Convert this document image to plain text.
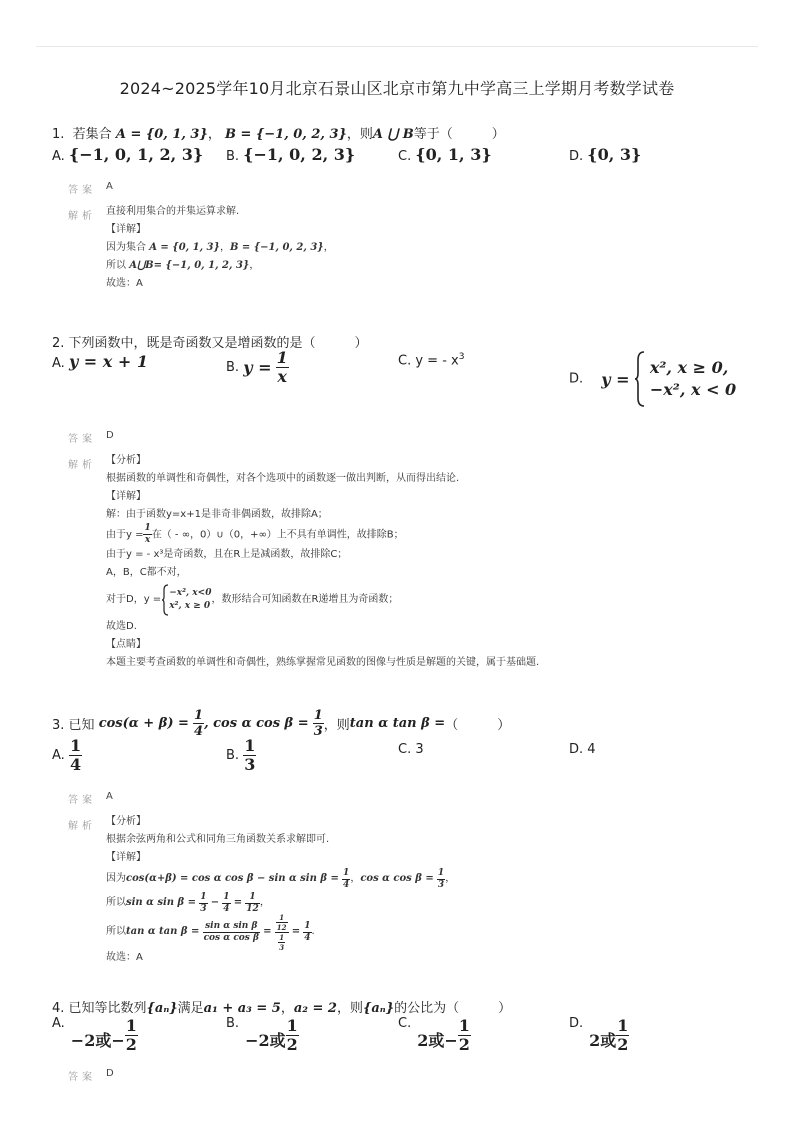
2024~2025学年10月北京石景山区北京市第九中学高三上学期月考数学试卷
1. 若集合 A = {0, 1, 3}， B = {−1, 0, 2, 3}，则A ⋃ B等于（　　　）
A. {−1, 0, 1, 2, 3} B. {−1, 0, 2, 3}	C. {0, 1, 3}	D. {0, 3}
答案 A
解析 直接利用集合的并集运算求解.
【详解】
因为集合 A = {0, 1, 3}，B = {−1, 0, 2, 3}，
所以 A⋃B= {−1, 0, 1, 2, 3}，
故选：A
2. 下列函数中，既是奇函数又是增函数的是（　　　）
A. y = x + 1	B. $y = \frac{1}{x}$	C. y = - $x^3$
D. y =
x², x ≥ 0,
−x², x < 0
答案 D
解析 【分析】
根据函数的单调性和奇偶性，对各个选项中的函数逐一做出判断，从而得出结论.
【详解】
解：由于函数y=x+1是非奇非偶函数，故排除A；
由于$y = \frac{1}{x}$ 在（ - ∞，0）∪（0，+∞）上不具有单调性，故排除B；
由于y = - x³是奇函数，且在R上是减函数，故排除C；
A，B，C都不对，
对于D，y =
−x², x<0
x², x ≥ 0
，数形结合可知函数在R递增且为奇函数；
故选D.
【点睛】
本题主要考查函数的单调性和奇偶性，熟练掌握常见函数的图像与性质是解题的关键，属于基础题.
3. 已知
cos(α + β) =
$\frac{1}{4}$ , cos α cos β =
$\frac{1}{3}$ ，则 tan α tan β = （　　　）
A.
$\frac{1}{4}$	B.
$\frac{1}{3}$	C. 3	D. 4
答案 A
解析 【分析】
根据余弦两角和公式和同角三角函数关系求解即可.
【详解】
因为 cos(α+β) = cos α cos β − sin α sin β =
$\frac{1}{4}$ ， cos α cos β =
$\frac{1}{3}$ ，
所以 sin α sin β =
$\frac{1}{3}$
−
$\frac{1}{4}$
=
$\frac{1}{12}$ ，
所以 tan α tan β =
$\frac{\text{sin α sin β}}{\text{cos α cos β}}$
=
$\frac{\frac{1}{12}}{\frac{1}{3}}$
=
$\frac{1}{4}$ .
故选：A
4. 已知等比数列{aₙ}满足a₁ + a₃ = 5，a₂ = 2，则{aₙ}的公比为（　　　）
A.
−2或− $\frac{1}{2}$	B.
−2或 $\frac{1}{2}$	C.
2或− $\frac{1}{2}$	D.
2或 $\frac{1}{2}$
答案 D
